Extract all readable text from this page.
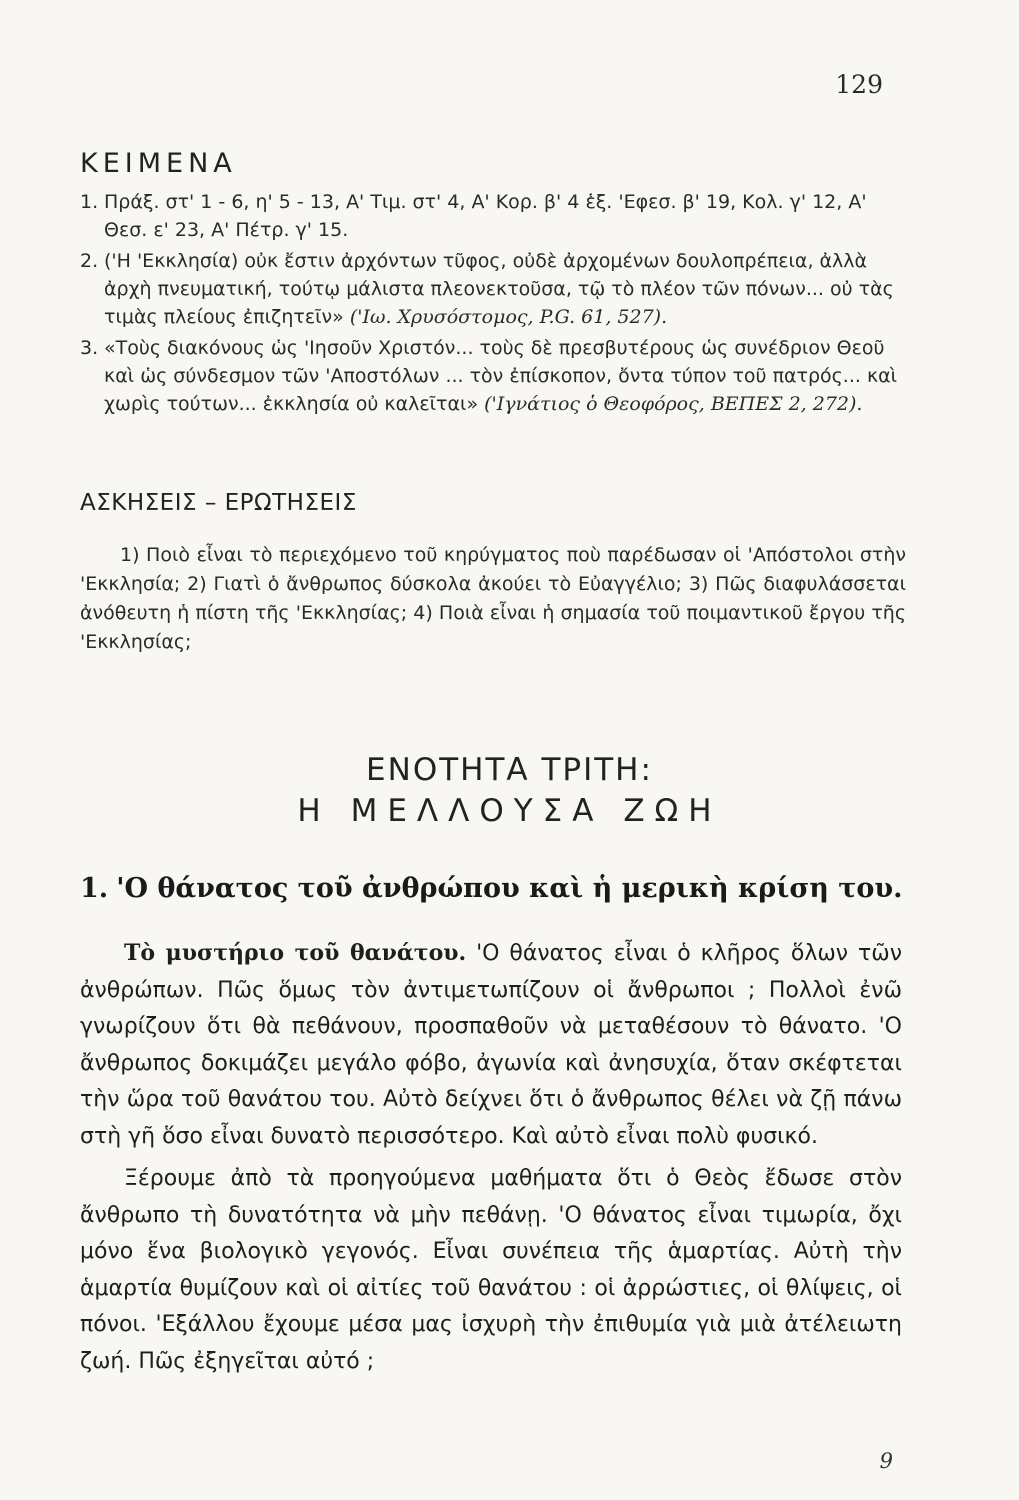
129
ΚΕΙΜΕΝΑ
1. Πράξ. στ' 1 - 6, η' 5 - 13, Α' Τιμ. στ' 4, Α' Κορ. β' 4 ἑξ. 'Εφεσ. β' 19, Κολ. γ' 12, Α' Θεσ. ε' 23, Α' Πέτρ. γ' 15.
2. ('Η 'Εκκλησία) οὐκ ἔστιν ἀρχόντων τῦφος, οὐδὲ ἀρχομένων δουλοπρέπεια, ἀλλὰ ἀρχὴ πνευματική, τούτῳ μάλιστα πλεονεκτοῦσα, τῷ τὸ πλέον τῶν πόνων... οὐ τὰς τιμὰς πλείους ἐπιζητεῖν» ('Ιω. Χρυσόστομος, P.G. 61, 527).
3. «Τοὺς διακόνους ὡς 'Ιησοῦν Χριστόν... τοὺς δὲ πρεσβυτέρους ὡς συνέδριον Θεοῦ καὶ ὡς σύνδεσμον τῶν 'Αποστόλων ... τὸν ἐπίσκοπον, ὄντα τύπον τοῦ πατρός... καὶ χωρὶς τούτων... ἐκκλησία οὐ καλεῖται» ('Ιγνάτιος ὁ Θεοφόρος, ΒΕΠΕΣ 2, 272).
ΑΣΚΗΣΕΙΣ – ΕΡΩΤΗΣΕΙΣ

1) Ποιὸ εἶναι τὸ περιεχόμενο τοῦ κηρύγματος ποὺ παρέδωσαν οἱ 'Απόστολοι στὴν 'Εκκλησία; 2) Γιατὶ ὁ ἄνθρωπος δύσκολα ἀκούει τὸ Εὐαγγέλιο; 3) Πῶς διαφυλάσσεται ἀνόθευτη ἡ πίστη τῆς 'Εκκλησίας; 4) Ποιὰ εἶναι ἡ σημασία τοῦ ποιμαντικοῦ ἔργου τῆς 'Εκκλησίας;

ΕΝΟΤΗΤΑ ΤΡΙΤΗ:
Η ΜΕΛΛΟΥΣΑ ΖΩΗ
1. 'Ο θάνατος τοῦ ἀνθρώπου καὶ ἡ μερικὴ κρίση του.

Τὸ μυστήριο τοῦ θανάτου. 'Ο θάνατος εἶναι ὁ κλῆρος ὅλων τῶν ἀνθρώπων. Πῶς ὅμως τὸν ἀντιμετωπίζουν οἱ ἄνθρωποι ; Πολλοὶ ἐνῶ γνωρίζουν ὅτι θὰ πεθάνουν, προσπαθοῦν νὰ μεταθέσουν τὸ θάνατο. 'Ο ἄνθρωπος δοκιμάζει μεγάλο φόβο, ἀγωνία καὶ ἀνησυχία, ὅταν σκέφτεται τὴν ὥρα τοῦ θανάτου του. Αὐτὸ δείχνει ὅτι ὁ ἄνθρωπος θέλει νὰ ζῇ πάνω στὴ γῆ ὅσο εἶναι δυνατὸ περισσότερο. Καὶ αὐτὸ εἶναι πολὺ φυσικό.

Ξέρουμε ἀπὸ τὰ προηγούμενα μαθήματα ὅτι ὁ Θεὸς ἔδωσε στὸν ἄνθρωπο τὴ δυνατότητα νὰ μὴν πεθάνῃ. 'Ο θάνατος εἶναι τιμωρία, ὄχι μόνο ἕνα βιολογικὸ γεγονός. Εἶναι συνέπεια τῆς ἁμαρτίας. Αὐτὴ τὴν ἁμαρτία θυμίζουν καὶ οἱ αἰτίες τοῦ θανάτου : οἱ ἀρρώστιες, οἱ θλίψεις, οἱ πόνοι. 'Εξάλλου ἔχουμε μέσα μας ἰσχυρὴ τὴν ἐπιθυμία γιὰ μιὰ ἀτέλειωτη ζωή. Πῶς ἐξηγεῖται αὐτό ;

9
